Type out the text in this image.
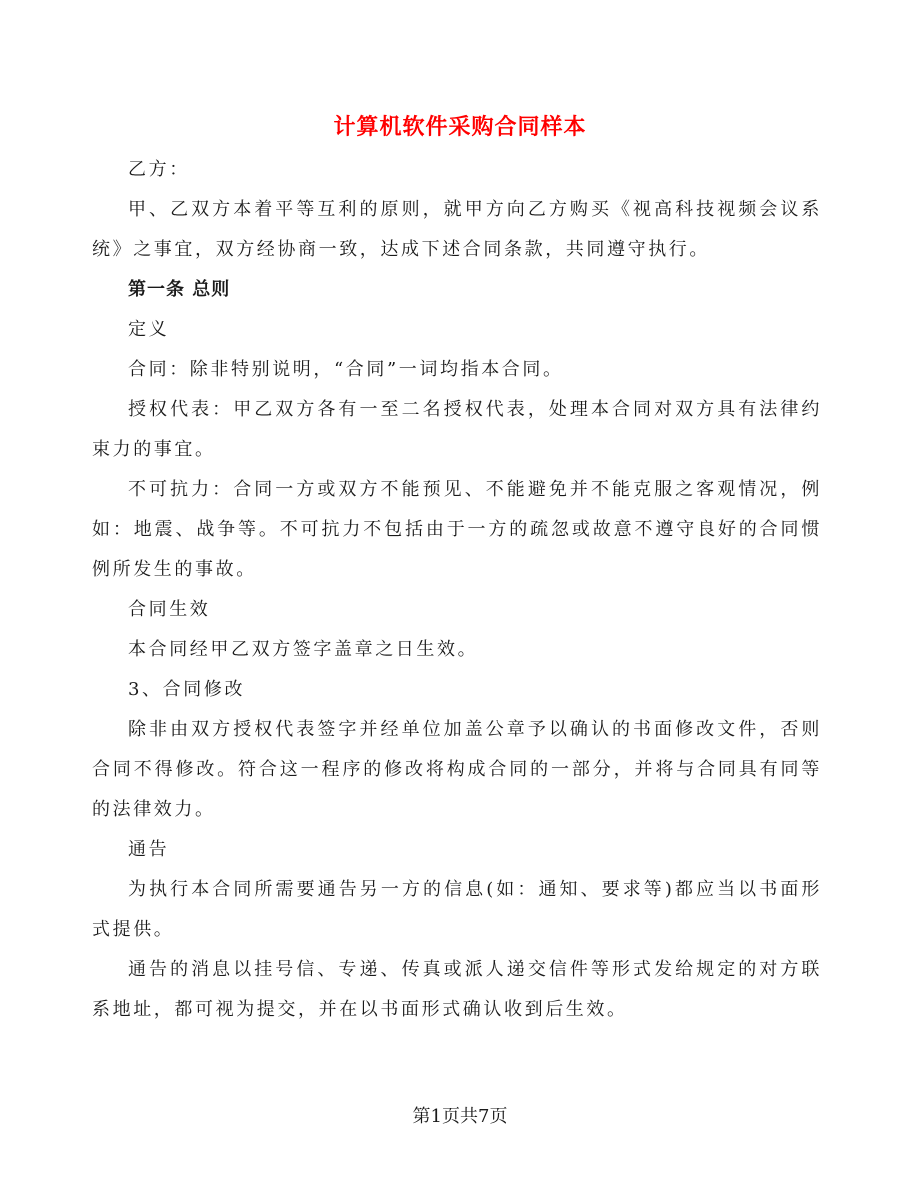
计算机软件采购合同样本

乙方：

甲、乙双方本着平等互利的原则，就甲方向乙方购买《视高科技视频会议系统》之事宜，双方经协商一致，达成下述合同条款，共同遵守执行。

第一条 总则

定义

合同：除非特别说明，“合同”一词均指本合同。

授权代表：甲乙双方各有一至二名授权代表，处理本合同对双方具有法律约束力的事宜。

不可抗力：合同一方或双方不能预见、不能避免并不能克服之客观情况，例如：地震、战争等。不可抗力不包括由于一方的疏忽或故意不遵守良好的合同惯例所发生的事故。

合同生效

本合同经甲乙双方签字盖章之日生效。

3、合同修改

除非由双方授权代表签字并经单位加盖公章予以确认的书面修改文件，否则合同不得修改。符合这一程序的修改将构成合同的一部分，并将与合同具有同等的法律效力。

通告

为执行本合同所需要通告另一方的信息(如：通知、要求等)都应当以书面形式提供。

通告的消息以挂号信、专递、传真或派人递交信件等形式发给规定的对方联系地址，都可视为提交，并在以书面形式确认收到后生效。

第1页共7页
